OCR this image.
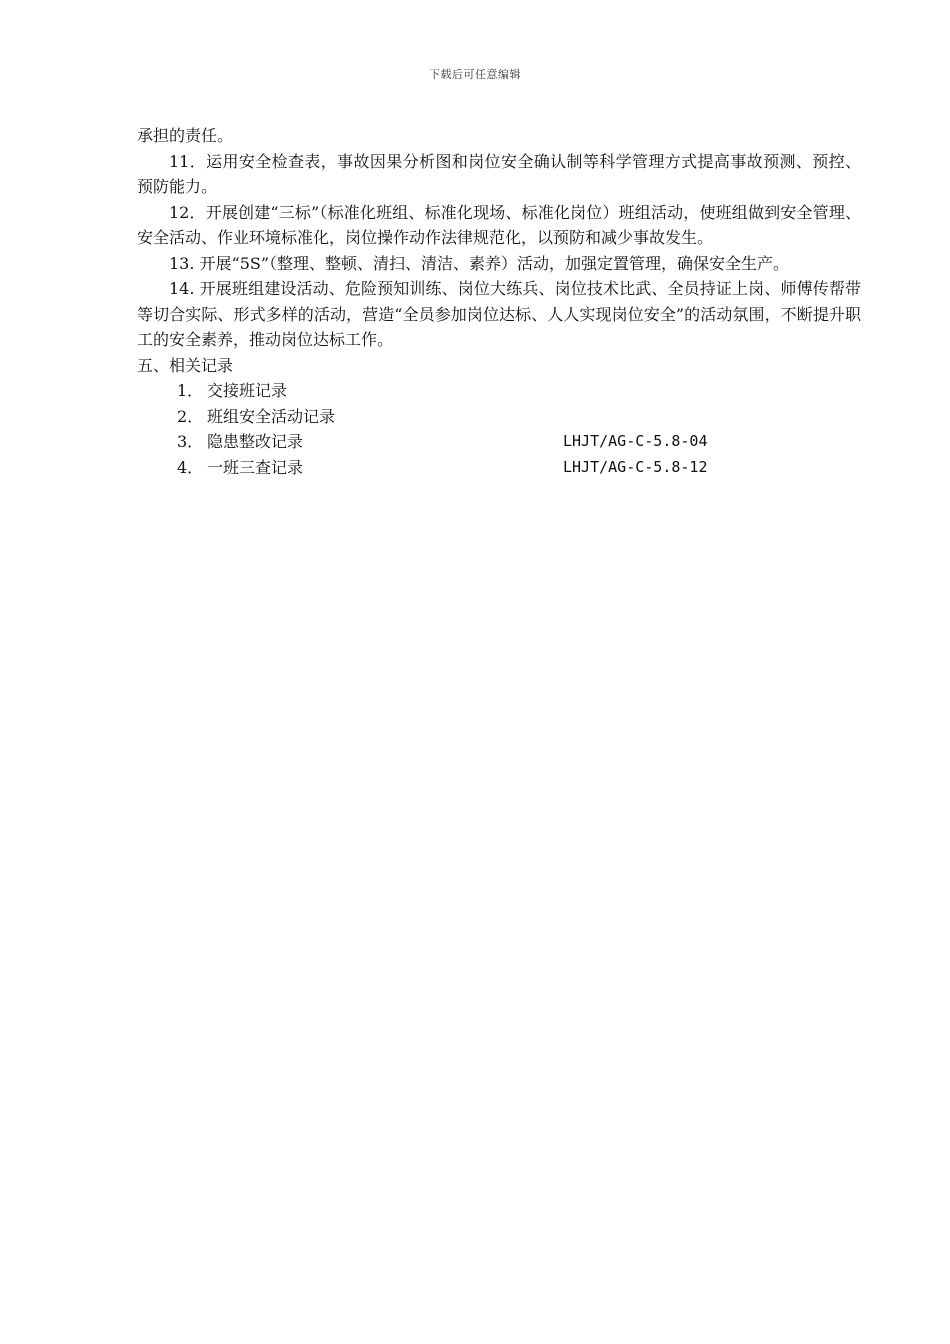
下载后可任意编辑

承担的责任。

11．运用安全检查表，事故因果分析图和岗位安全确认制等科学管理方式提高事故预测、预控、预防能力。

12．开展创建“三标”（标准化班组、标准化现场、标准化岗位）班组活动，使班组做到安全管理、安全活动、作业环境标准化，岗位操作动作法律规范化，以预防和减少事故发生。

13. 开展“5S”（整理、整顿、清扫、清洁、素养）活动，加强定置管理，确保安全生产。

14. 开展班组建设活动、危险预知训练、岗位大练兵、岗位技术比武、全员持证上岗、师傅传帮带等切合实际、形式多样的活动，营造“全员参加岗位达标、人人实现岗位安全”的活动氛围，不断提升职工的安全素养，推动岗位达标工作。

五、相关记录

1． 交接班记录
2． 班组安全活动记录
3． 隐患整改记录	LHJT/AG-C-5.8-04
4． 一班三查记录	LHJT/AG-C-5.8-12
